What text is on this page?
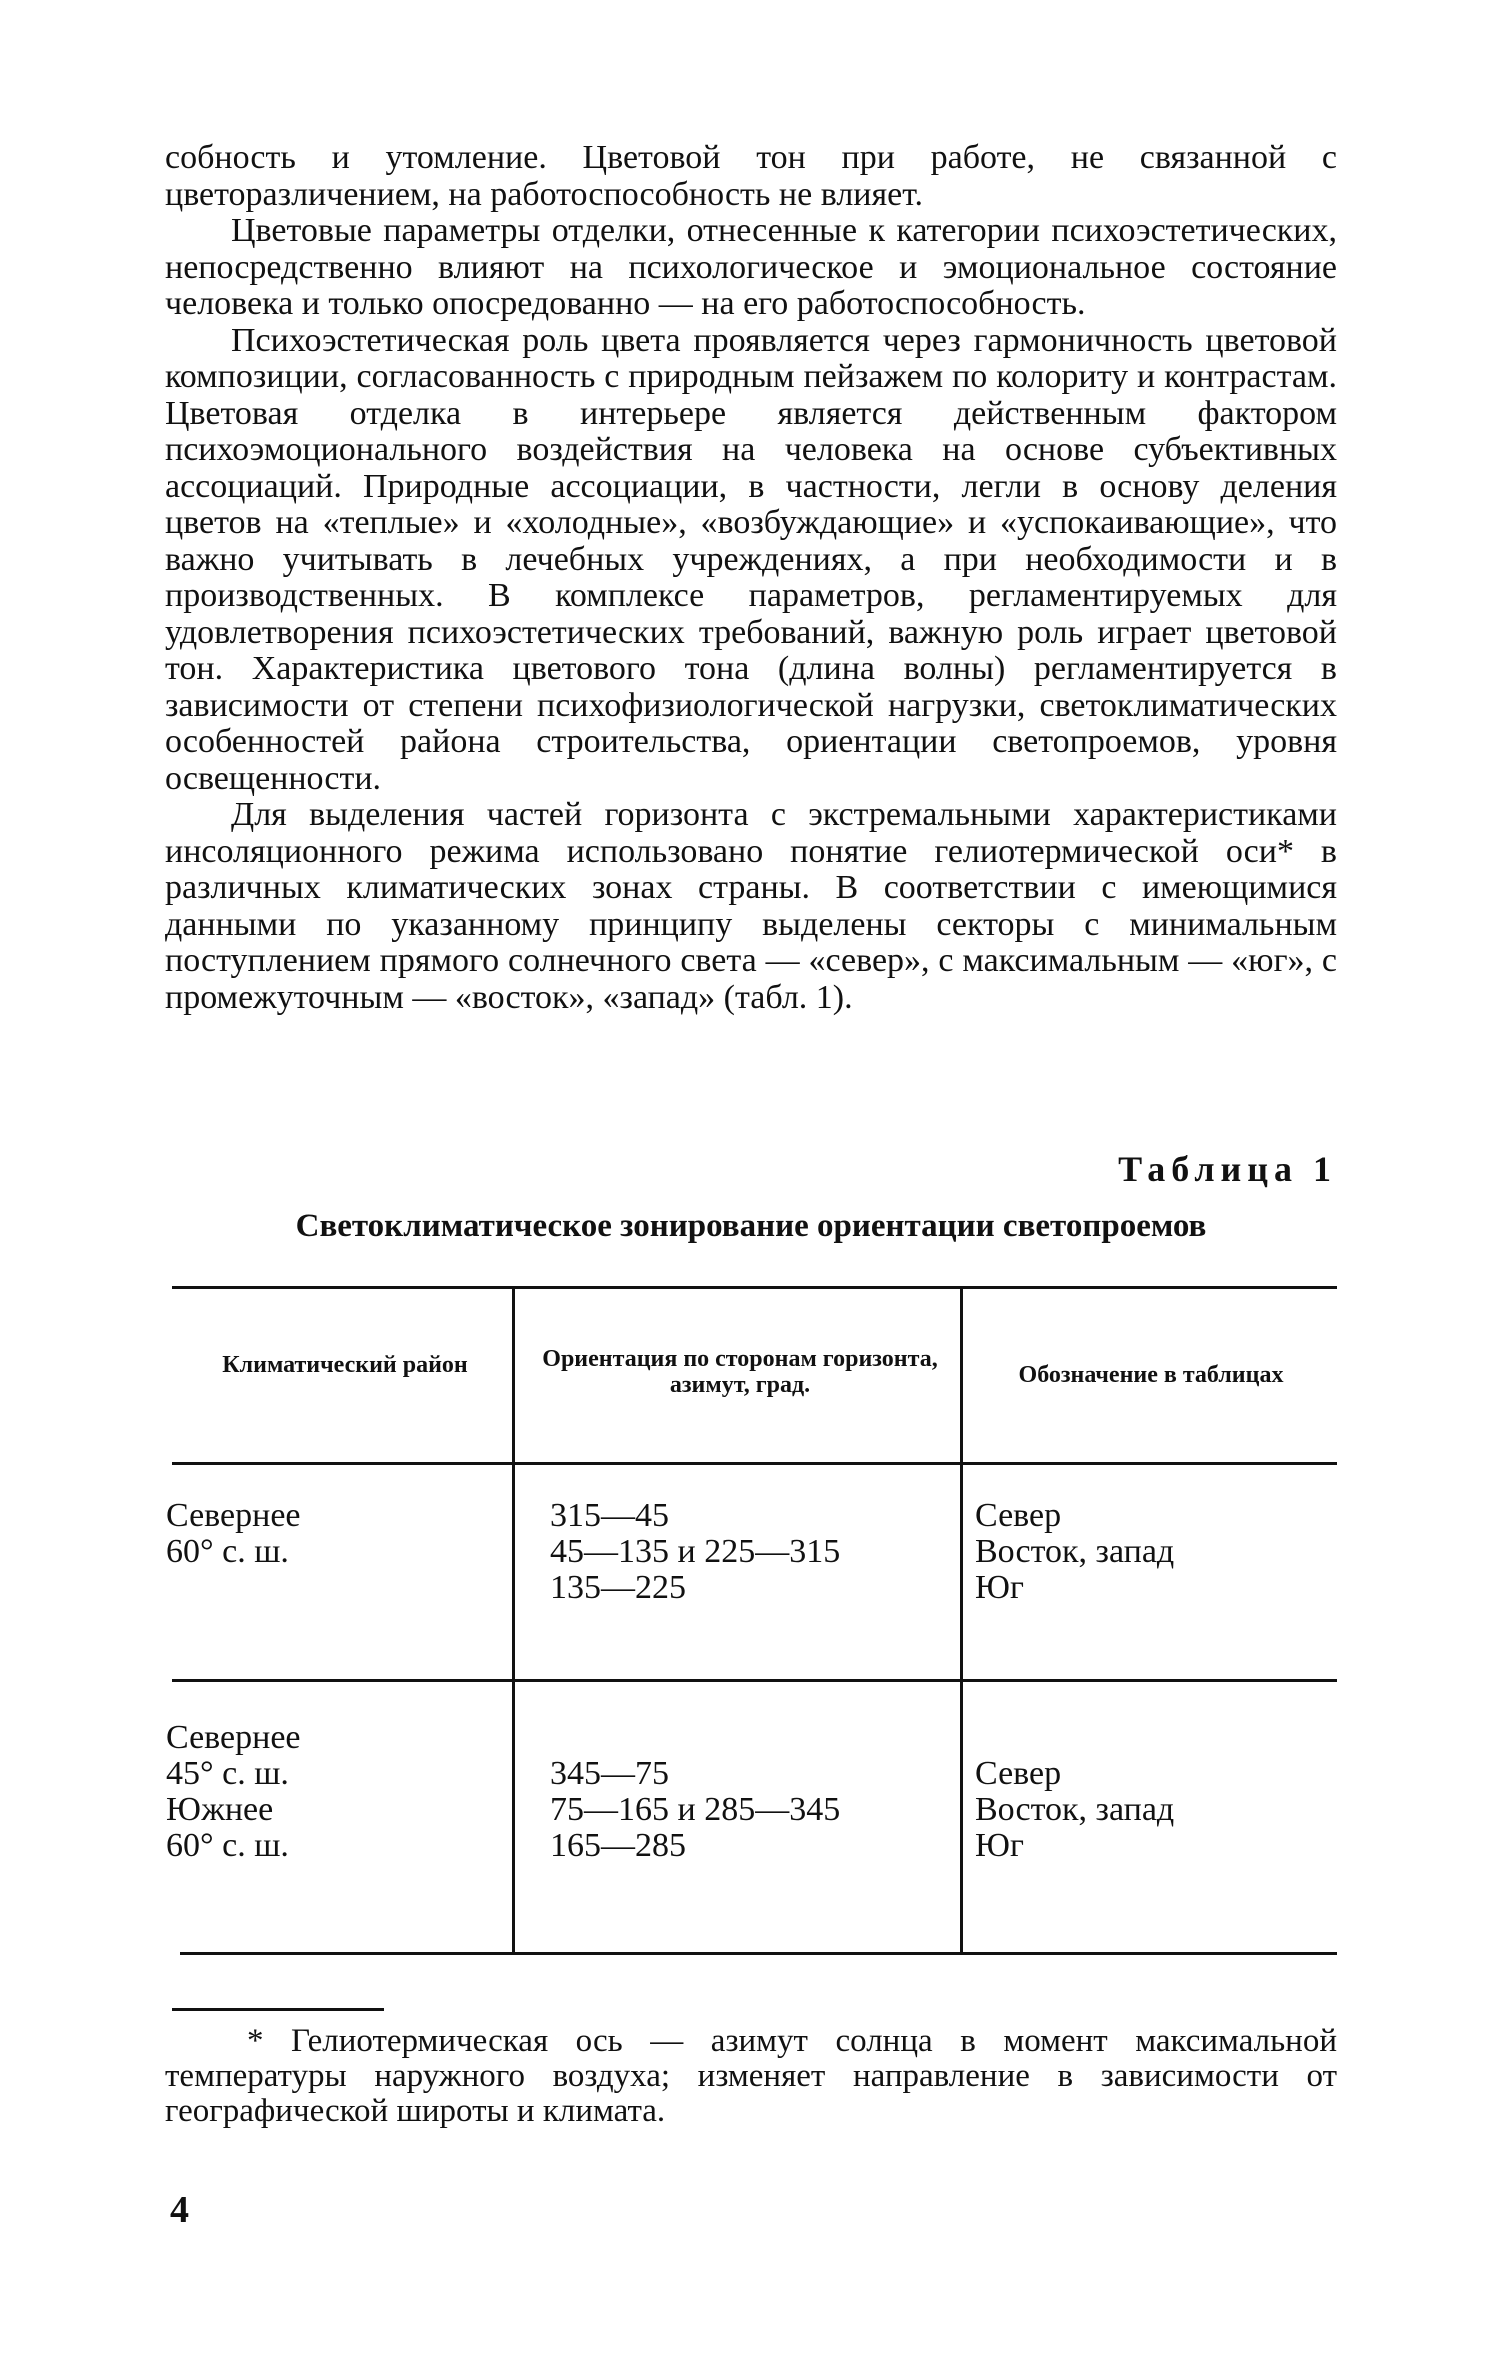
собность и утомление. Цветовой тон при работе, не связанной с цветоразличением, на работоспособность не влияет.

Цветовые параметры отделки, отнесенные к категории психоэстетических, непосредственно влияют на психологическое и эмоциональное состояние человека и только опосредованно — на его работоспособность.

Психоэстетическая роль цвета проявляется через гармоничность цветовой композиции, согласованность с природным пейзажем по колориту и контрастам. Цветовая отделка в интерьере является действенным фактором психоэмоционального воздействия на человека на основе субъективных ассоциаций. Природные ассоциации, в частности, легли в основу деления цветов на «теплые» и «холодные», «возбуждающие» и «успокаивающие», что важно учитывать в лечебных учреждениях, а при необходимости и в производственных. В комплексе параметров, регламентируемых для удовлетворения психоэстетических требований, важную роль играет цветовой тон. Характеристика цветового тона (длина волны) регламентируется в зависимости от степени психофизиологической нагрузки, светоклиматических особенностей района строительства, ориентации светопроемов, уровня освещенности.

Для выделения частей горизонта с экстремальными характеристиками инсоляционного режима использовано понятие гелиотермической оси* в различных климатических зонах страны. В соответствии с имеющимися данными по указанному принципу выделены секторы с минимальным поступлением прямого солнечного света — «север», с максимальным — «юг», с промежуточным — «восток», «запад» (табл. 1).

Таблица 1
Светоклиматическое зонирование ориентации светопроемов
Климатический район	Ориентация по сторонам горизонта, азимут, град.	Обозначение в таблицах
Севернее
60° с. ш.
315—45
45—135 и 225—315
135—225
Север
Восток, запад
Юг
Севернее
45° с. ш.
Южнее
60° с. ш.
345—75
75—165 и 285—345
165—285
Север
Восток, запад
Юг

* Гелиотермическая ось — азимут солнца в момент максимальной температуры наружного воздуха; изменяет направление в зависимости от географической широты и климата.

4
